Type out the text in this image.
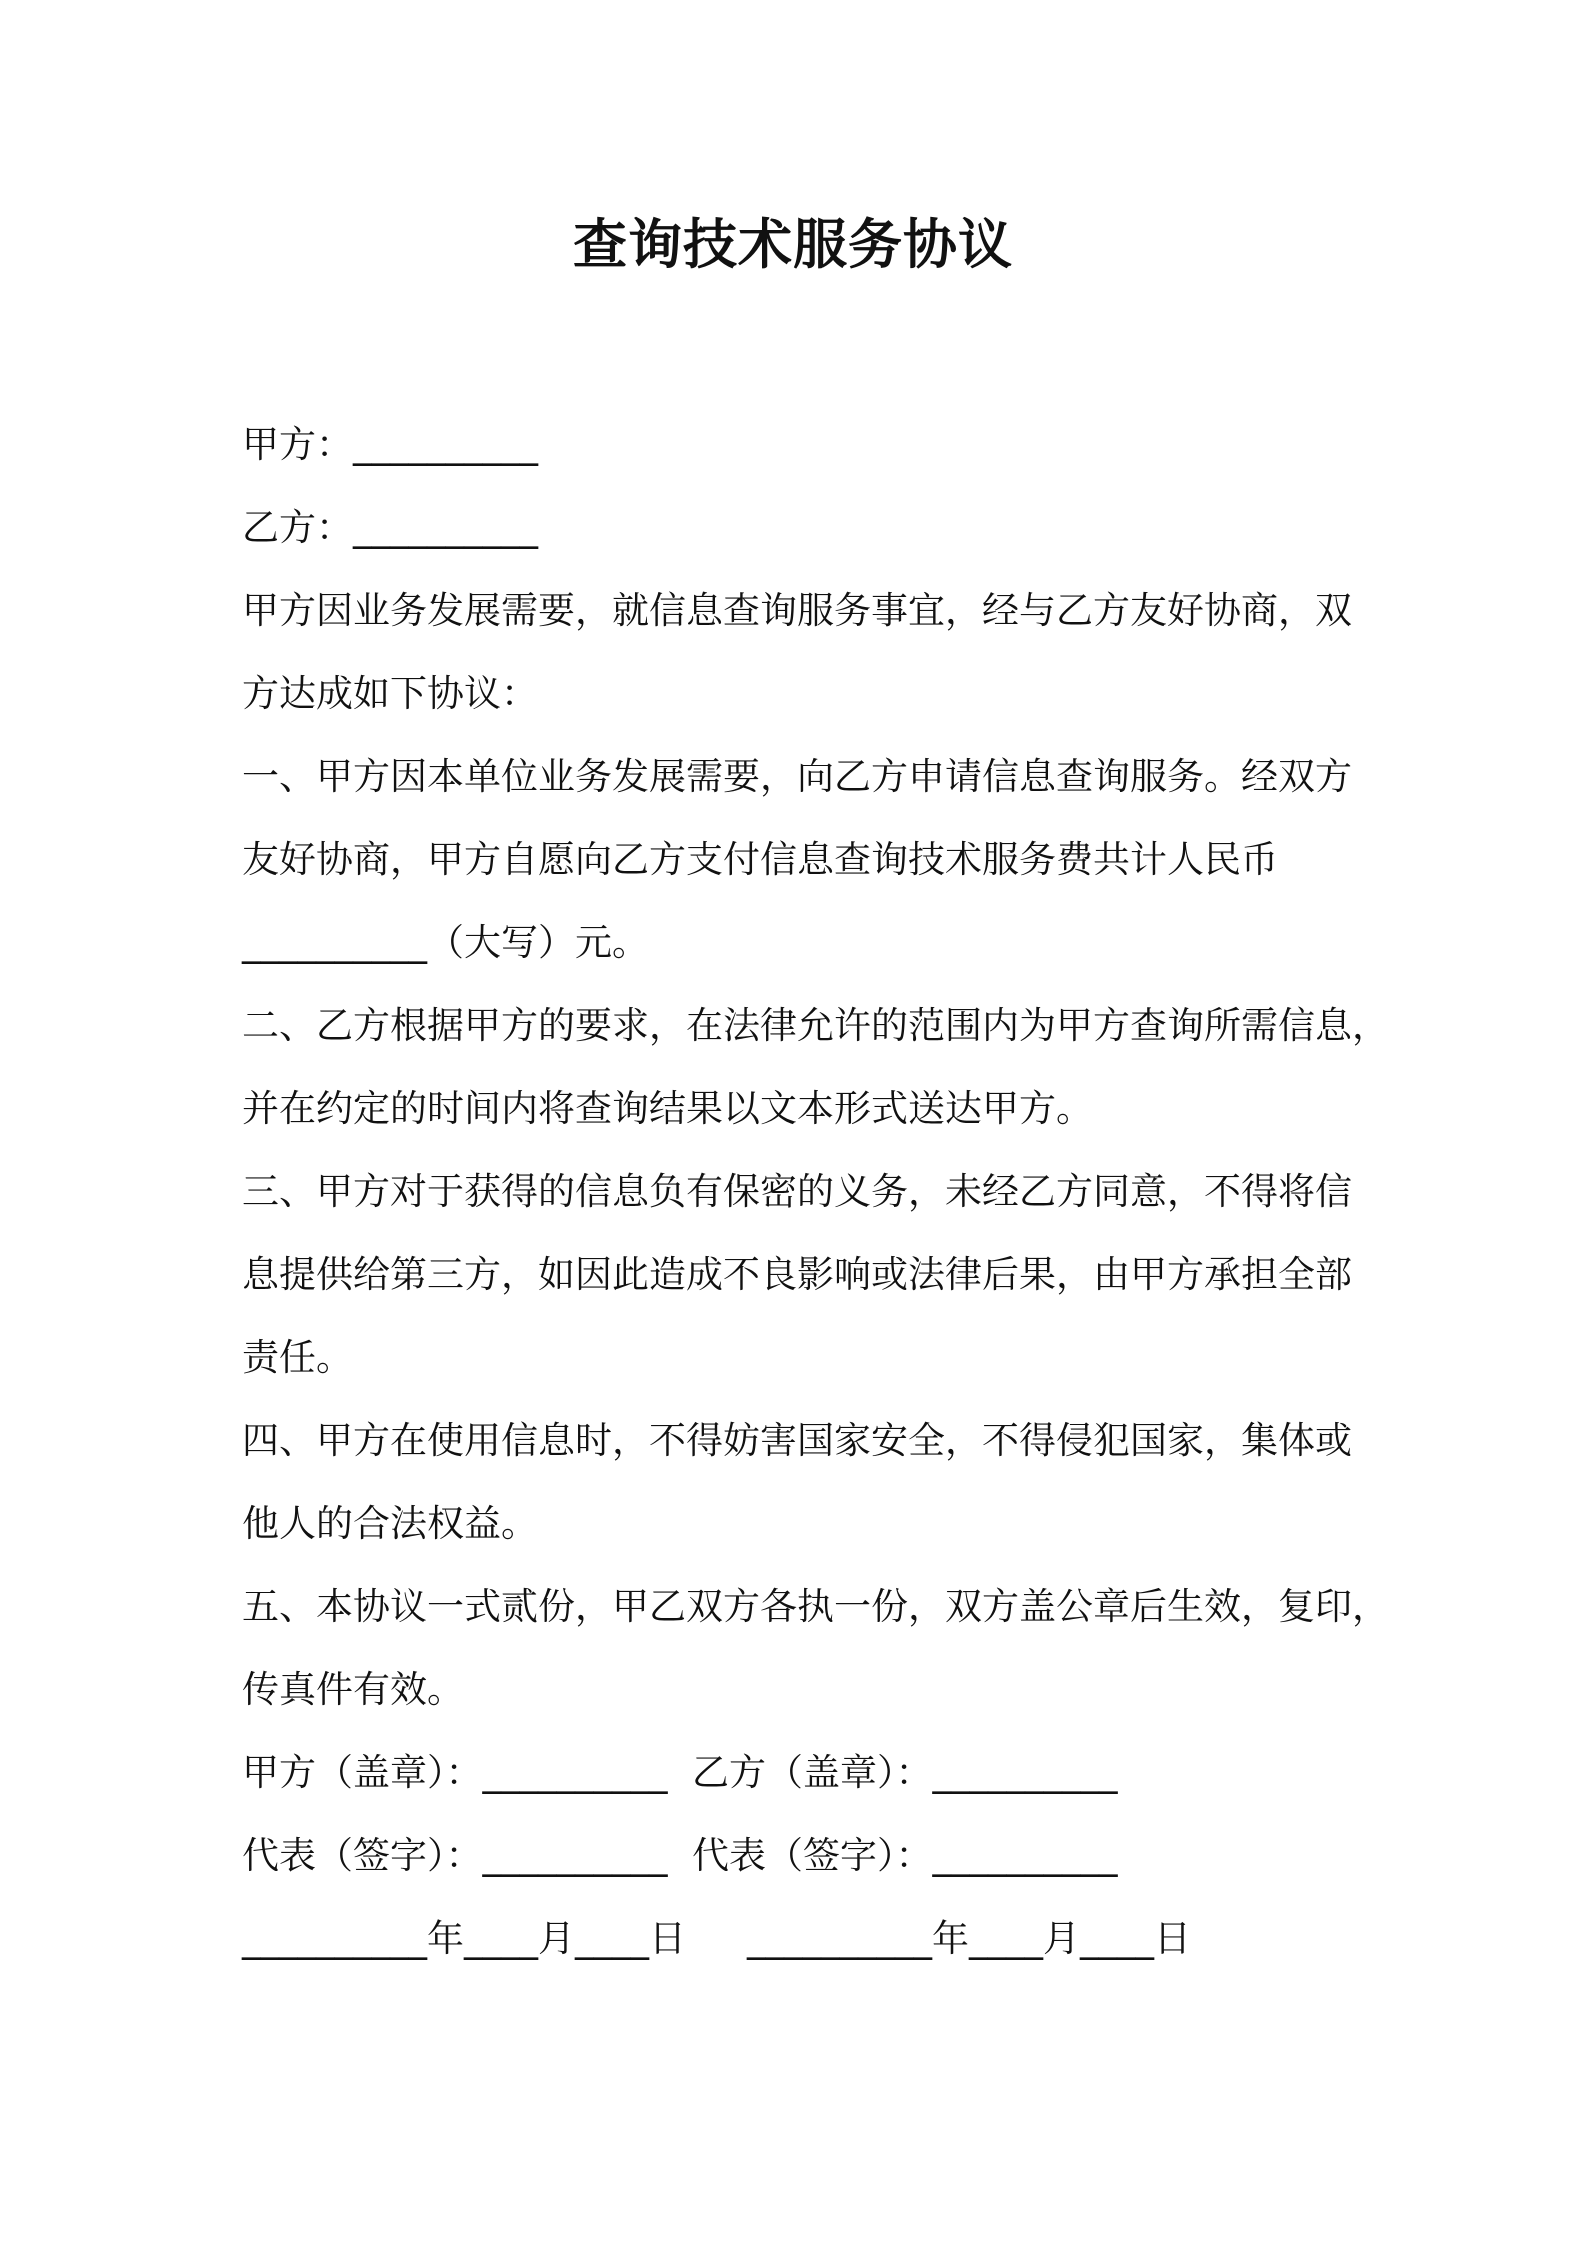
查询技术服务协议
甲方：__________
乙方：__________
甲方因业务发展需要，就信息查询服务事宜，经与乙方友好协商，双
方达成如下协议：
一、甲方因本单位业务发展需要，向乙方申请信息查询服务。经双方
友好协商，甲方自愿向乙方支付信息查询技术服务费共计人民币
__________（大写）元。
二、乙方根据甲方的要求，在法律允许的范围内为甲方查询所需信息，
并在约定的时间内将查询结果以文本形式送达甲方。
三、甲方对于获得的信息负有保密的义务，未经乙方同意，不得将信
息提供给第三方，如因此造成不良影响或法律后果，由甲方承担全部
责任。
四、甲方在使用信息时，不得妨害国家安全，不得侵犯国家，集体或
他人的合法权益。
五、本协议一式贰份，甲乙双方各执一份，双方盖公章后生效，复印，
传真件有效。
甲方（盖章）：__________ 乙方（盖章）：__________
代表（签字）：__________ 代表（签字）：__________
__________年____月____日 __________年____月____日
